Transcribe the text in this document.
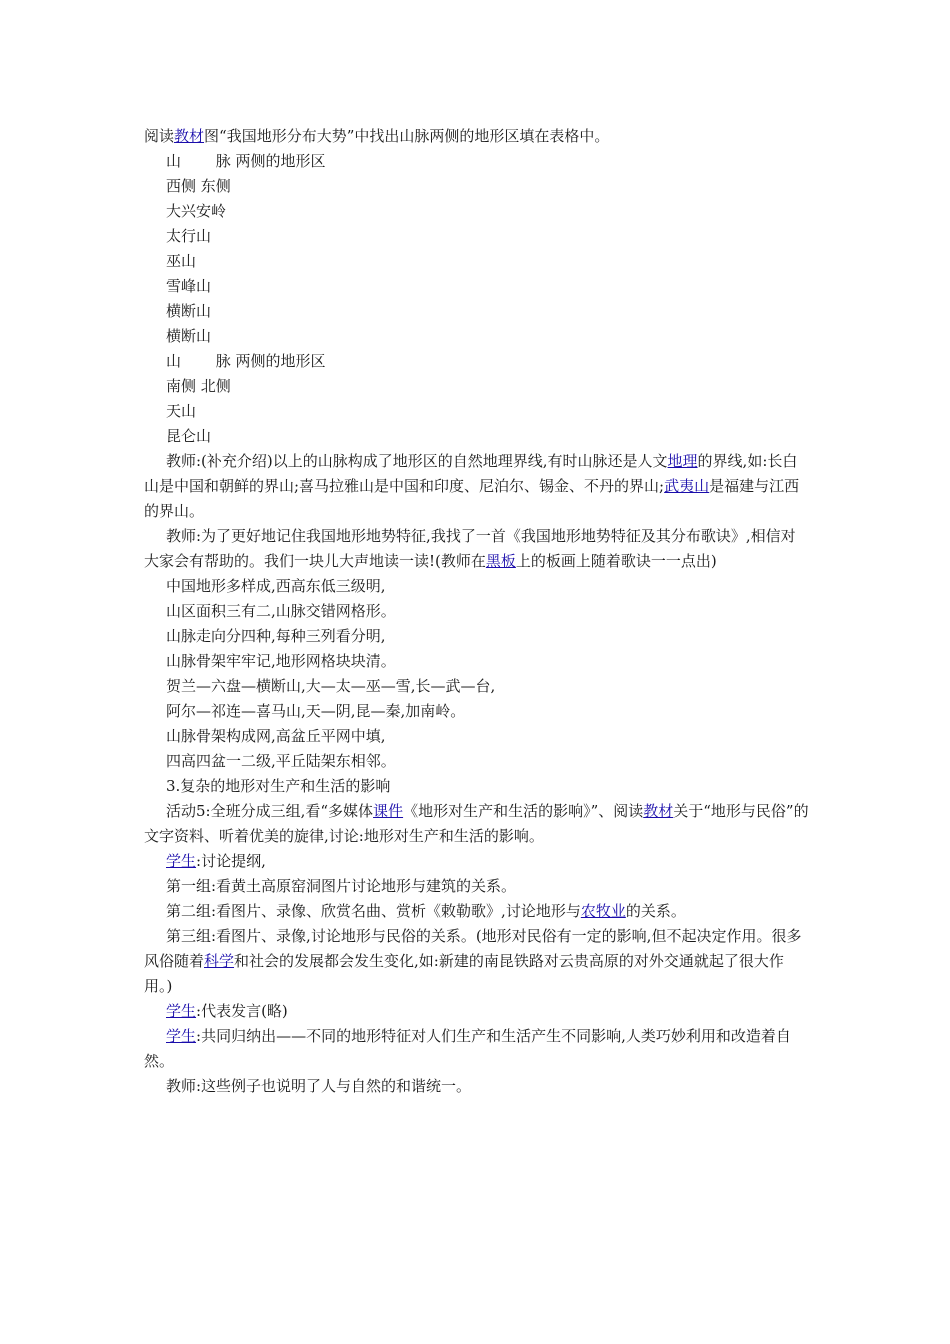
阅读教材图“我国地形分布大势”中找出山脉两侧的地形区填在表格中。

山　　 脉 两侧的地形区

西侧 东侧

大兴安岭

太行山

巫山

雪峰山

横断山

横断山

山　　 脉 两侧的地形区

南侧 北侧

天山

昆仑山

教师:(补充介绍)以上的山脉构成了地形区的自然地理界线,有时山脉还是人文地理的界线,如:长白山是中国和朝鲜的界山;喜马拉雅山是中国和印度、尼泊尔、锡金、不丹的界山;武夷山是福建与江西的界山。

教师:为了更好地记住我国地形地势特征,我找了一首《我国地形地势特征及其分布歌诀》,相信对大家会有帮助的。我们一块儿大声地读一读!(教师在黑板上的板画上随着歌诀一一点出)

中国地形多样成,西高东低三级明,

山区面积三有二,山脉交错网格形。

山脉走向分四种,每种三列看分明,

山脉骨架牢牢记,地形网格块块清。

贺兰—六盘—横断山,大—太—巫—雪,长—武—台,

阿尔—祁连—喜马山,天—阴,昆—秦,加南岭。

山脉骨架构成网,高盆丘平网中填,

四高四盆一二级,平丘陆架东相邻。

3.复杂的地形对生产和生活的影响

活动5:全班分成三组,看“多媒体课件《地形对生产和生活的影响》”、阅读教材关于“地形与民俗”的文字资料、听着优美的旋律,讨论:地形对生产和生活的影响。

学生:讨论提纲,

第一组:看黄土高原窑洞图片讨论地形与建筑的关系。

第二组:看图片、录像、欣赏名曲、赏析《敕勒歌》,讨论地形与农牧业的关系。

第三组:看图片、录像,讨论地形与民俗的关系。(地形对民俗有一定的影响,但不起决定作用。很多风俗随着科学和社会的发展都会发生变化,如:新建的南昆铁路对云贵高原的对外交通就起了很大作用。)

学生:代表发言(略)

学生:共同归纳出——不同的地形特征对人们生产和生活产生不同影响,人类巧妙利用和改造着自然。

教师:这些例子也说明了人与自然的和谐统一。
